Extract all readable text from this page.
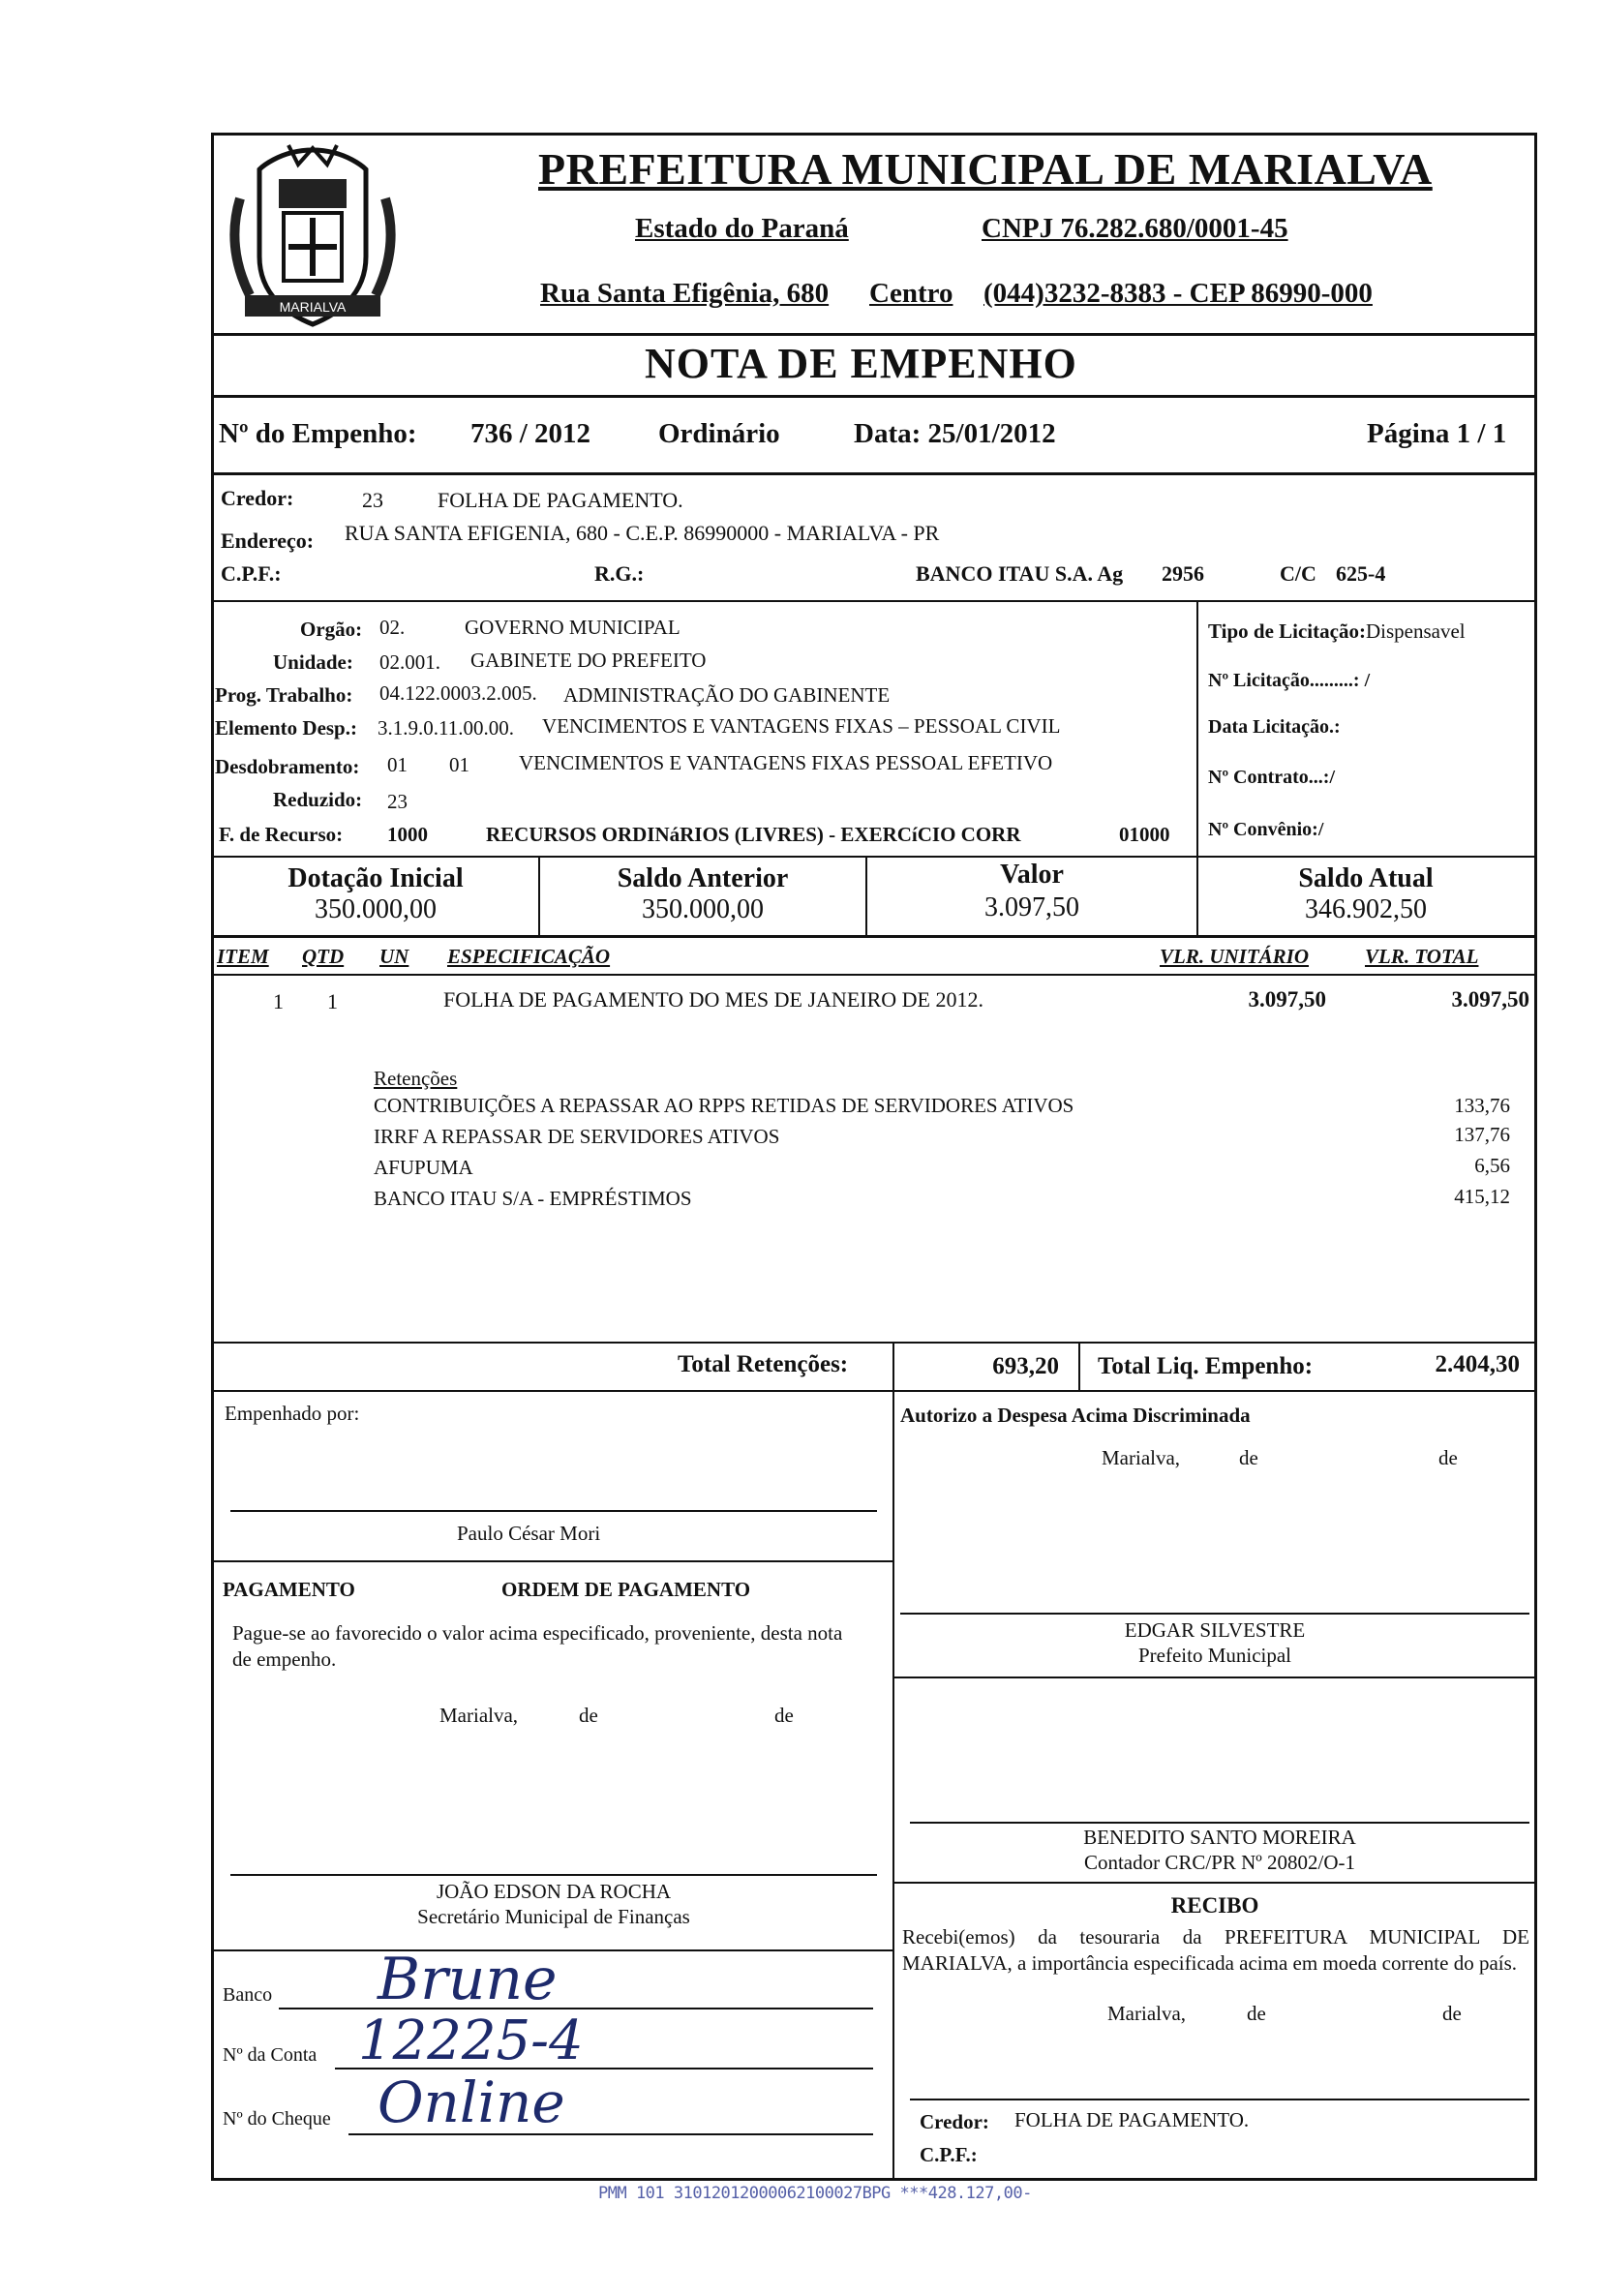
MARIALVA
PREFEITURA MUNICIPAL DE MARIALVA
Estado do Paraná	CNPJ 76.282.680/0001-45
Rua Santa Efigênia, 680 Centro (044)3232-8383 - CEP 86990-000
NOTA DE EMPENHO
Nº do Empenho: 736 / 2012 Ordinário	Data: 25/01/2012	Página 1 / 1
Credor:	23	FOLHA DE PAGAMENTO.
Endereço: RUA SANTA EFIGENIA, 680 - C.E.P. 86990000 - MARIALVA - PR
C.P.F.:	R.G.:	BANCO ITAU S.A. Ag 2956	C/C 625-4
Orgão: 02.	GOVERNO MUNICIPAL
Unidade: 02.001. GABINETE DO PREFEITO
Prog. Trabalho: 04.122.0003.2.005. ADMINISTRAÇÃO DO GABINENTE
Elemento Desp.: 3.1.9.0.11.00.00. VENCIMENTOS E VANTAGENS FIXAS – PESSOAL CIVIL
Desdobramento: 01 01 VENCIMENTOS E VANTAGENS FIXAS PESSOAL EFETIVO
Reduzido: 23
F. de Recurso: 1000	RECURSOS ORDINáRIOS (LIVRES) - EXERCíCIO CORR	01000
Tipo de Licitação:Dispensavel
Nº Licitação.........: /
Data Licitação.:
Nº Contrato...:/
Nº Convênio:/
Dotação Inicial
350.000,00
Saldo Anterior
350.000,00
Valor
3.097,50
Saldo Atual
346.902,50
ITEM QTD UN ESPECIFICAÇÃO	VLR. UNITÁRIO	VLR. TOTAL
1 1	FOLHA DE PAGAMENTO DO MES DE JANEIRO DE 2012.	3.097,50	3.097,50
Retenções
CONTRIBUIÇÕES A REPASSAR AO RPPS RETIDAS DE SERVIDORES ATIVOS	133,76
IRRF A REPASSAR DE SERVIDORES ATIVOS	137,76
AFUPUMA	6,56
BANCO ITAU S/A - EMPRÉSTIMOS	415,12
Total Retenções:	693,20 Total Liq. Empenho:	2.404,30
Empenhado por:
Paulo César Mori
Autorizo a Despesa Acima Discriminada
Marialva,	de	de
PAGAMENTO	ORDEM DE PAGAMENTO
Pague-se ao favorecido o valor acima especificado, proveniente, desta nota de empenho.
Marialva,	de	de
EDGAR SILVESTRE
Prefeito Municipal
BENEDITO SANTO MOREIRA
Contador CRC/PR Nº 20802/O-1
JOÃO EDSON DA ROCHA
Secretário Municipal de Finanças	RECIBO
Recebi(emos) da tesouraria da PREFEITURA MUNICIPAL DE MARIALVA, a importância especificada acima em moeda corrente do país.
Marialva,	de	de
Banco Brune
Nº da Conta 12225-4
Nº do Cheque Online	Credor: FOLHA DE PAGAMENTO.
C.P.F.:
PMM 101 31012012000062100027BPG ***428.127,00-
